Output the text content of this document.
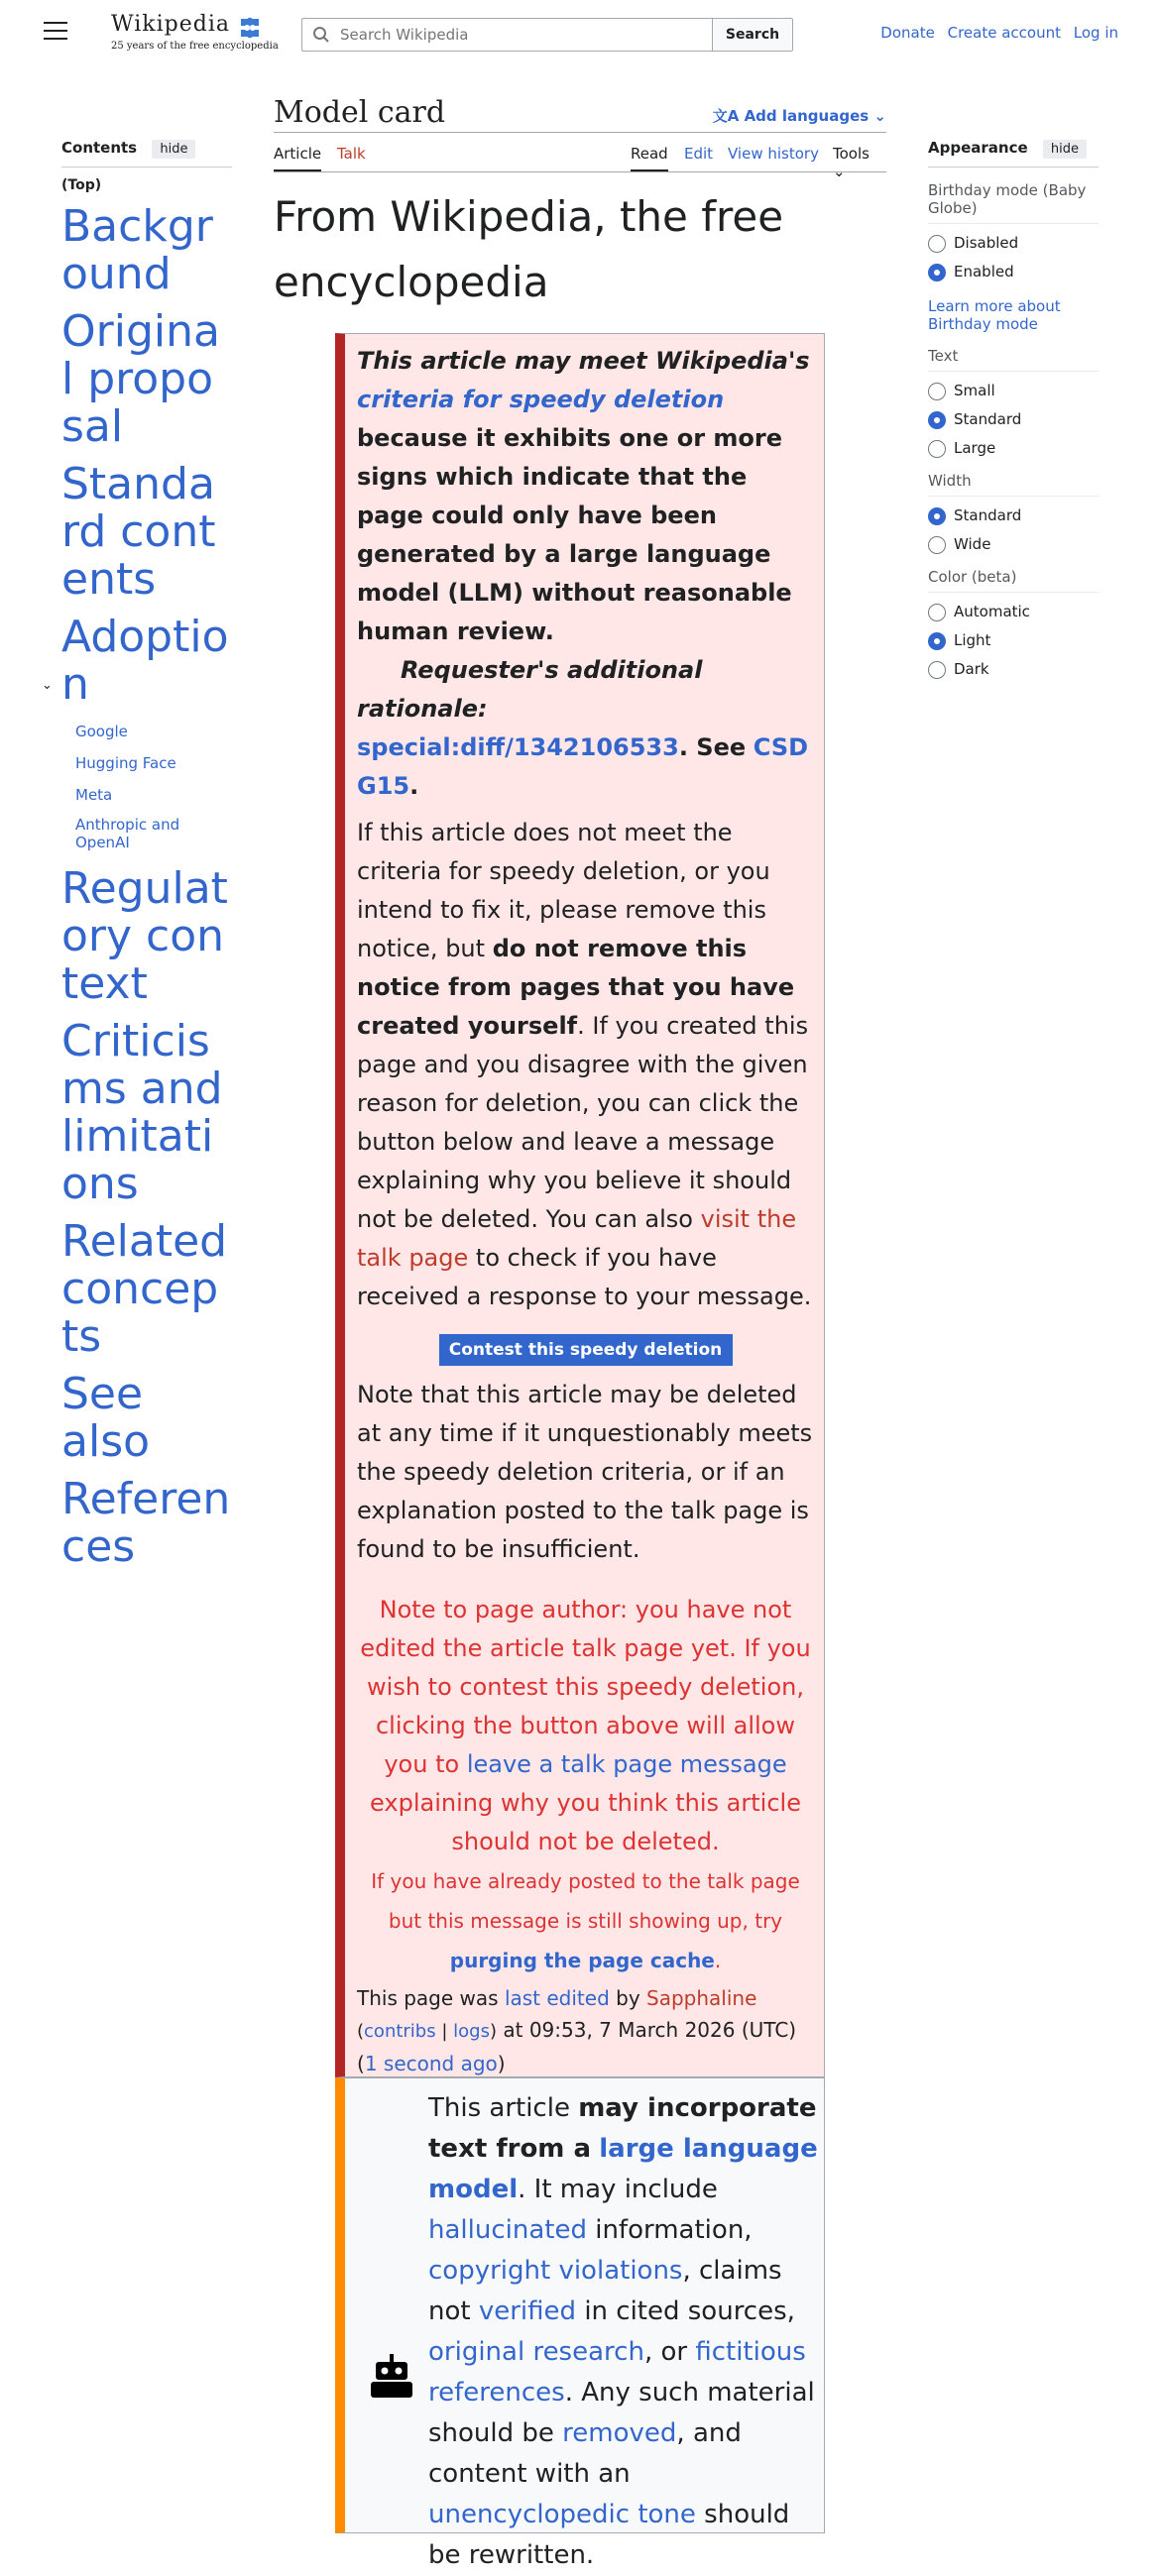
Wikipedia
25 years of the free encyclopedia
Search Wikipedia
Search	Donate Create account Log in
Contents hide
(Top)
Background
Original proposal
Standard contents
Adoption
Google
Hugging Face
Meta
Anthropic and OpenAI
Regulatory context
Criticisms and limitations
Related concepts
See also
References
⌄
Model card	文A Add languages ⌄
Article Talk	Read Edit View history Tools ⌄
From Wikipedia, the free encyclopedia
This article may meet Wikipedia's criteria for speedy deletion because it exhibits one or more signs which indicate that the page could only have been generated by a large language model (LLM) without reasonable human review.
Requester's additional rationale: special:diff/1342106533. See CSD G15.
If this article does not meet the criteria for speedy deletion, or you intend to fix it, please remove this notice, but do not remove this notice from pages that you have created yourself. If you created this page and you disagree with the given reason for deletion, you can click the button below and leave a message explaining why you believe it should not be deleted. You can also visit the talk page to check if you have received a response to your message.
Contest this speedy deletion
Note that this article may be deleted at any time if it unquestionably meets the speedy deletion criteria, or if an explanation posted to the talk page is found to be insufficient.
Note to page author: you have not edited the article talk page yet. If you wish to contest this speedy deletion, clicking the button above will allow you to leave a talk page message explaining why you think this article should not be deleted.
If you have already posted to the talk page but this message is still showing up, try purging the page cache.
This page was last edited by Sapphaline
(contribs | logs) at 09:53, 7 March 2026 (UTC)
(1 second ago)
This article may incorporate text from a large language model. It may include hallucinated information, copyright violations, claims not verified in cited sources, original research, or fictitious references. Any such material should be removed, and content with an unencyclopedic tone should be rewritten.
Appearance hide
Birthday mode (Baby Globe)
Disabled
Enabled
Learn more about Birthday mode
Text
Small
Standard
Large
Width
Standard
Wide
Color (beta)
Automatic
Light
Dark
